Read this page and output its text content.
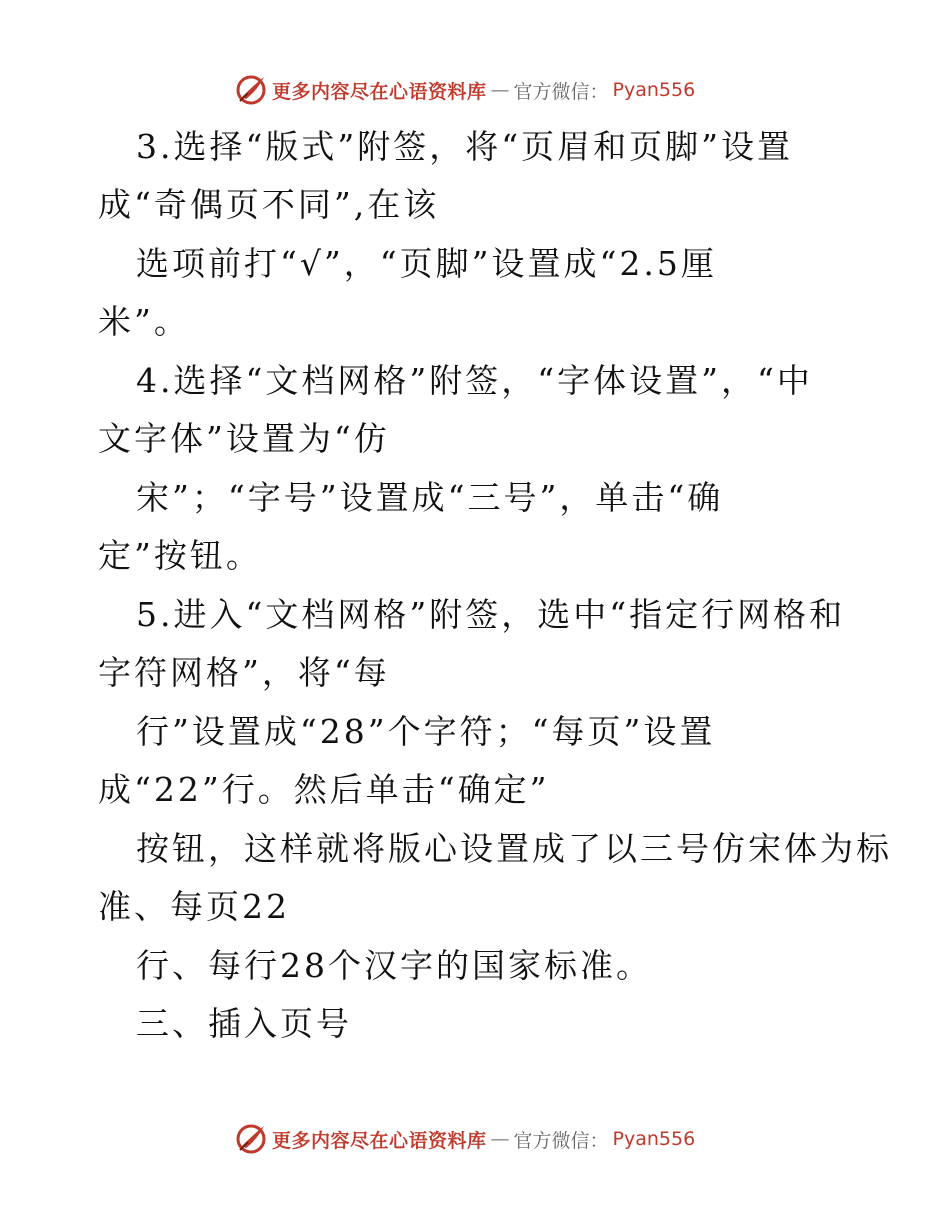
更多内容尽在心语资料库 — 官方微信： Pyan556
3.选择“版式”附签，将“页眉和页脚”设置
成“奇偶页不同”,在该
选项前打“√”，“页脚”设置成“2.5厘
米”。
4.选择“文档网格”附签，“字体设置”，“中
文字体”设置为“仿
宋”；“字号”设置成“三号”，单击“确
定”按钮。
5.进入“文档网格”附签，选中“指定行网格和
字符网格”，将“每
行”设置成“28”个字符；“每页”设置
成“22”行。然后单击“确定”
按钮，这样就将版心设置成了以三号仿宋体为标
准、每页22
行、每行28个汉字的国家标准。
三、插入页号
更多内容尽在心语资料库 — 官方微信： Pyan556
